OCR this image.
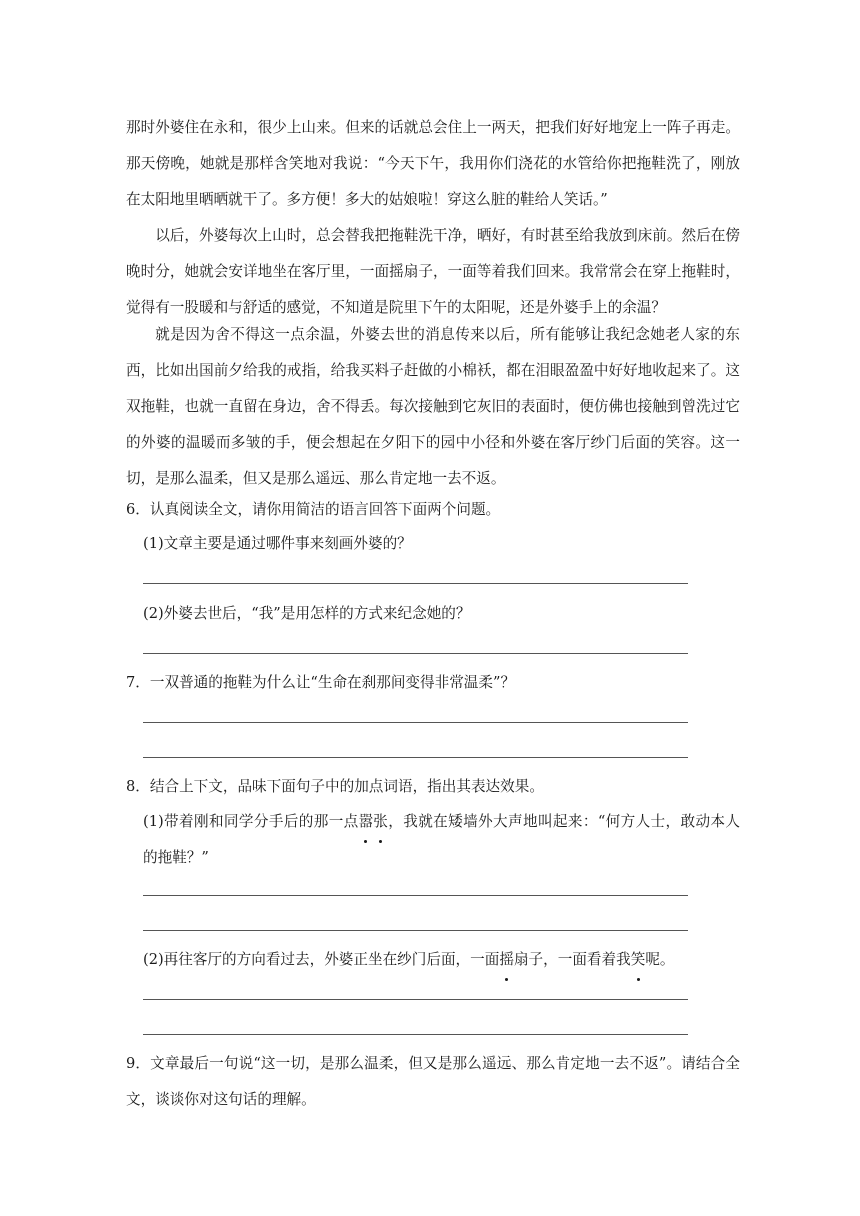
那时外婆住在永和，很少上山来。但来的话就总会住上一两天，把我们好好地宠上一阵子再走。那天傍晚，她就是那样含笑地对我说：“今天下午，我用你们浇花的水管给你把拖鞋洗了，刚放在太阳地里晒晒就干了。多方便！多大的姑娘啦！穿这么脏的鞋给人笑话。”

以后，外婆每次上山时，总会替我把拖鞋洗干净，晒好，有时甚至给我放到床前。然后在傍晚时分，她就会安详地坐在客厅里，一面摇扇子，一面等着我们回来。我常常会在穿上拖鞋时，觉得有一股暖和与舒适的感觉，不知道是院里下午的太阳呢，还是外婆手上的余温？

就是因为舍不得这一点余温，外婆去世的消息传来以后，所有能够让我纪念她老人家的东西，比如出国前夕给我的戒指，给我买料子赶做的小棉袄，都在泪眼盈盈中好好地收起来了。这双拖鞋，也就一直留在身边，舍不得丢。每次接触到它灰旧的表面时，便仿佛也接触到曾洗过它的外婆的温暖而多皱的手，便会想起在夕阳下的园中小径和外婆在客厅纱门后面的笑容。这一切，是那么温柔，但又是那么遥远、那么肯定地一去不返。

6．认真阅读全文，请你用简洁的语言回答下面两个问题。

(1)文章主要是通过哪件事来刻画外婆的？

(2)外婆去世后，“我”是用怎样的方式来纪念她的？

7．一双普通的拖鞋为什么让“生命在刹那间变得非常温柔”？

8．结合上下文，品味下面句子中的加点词语，指出其表达效果。

(1)带着刚和同学分手后的那一点嚣张，我就在矮墙外大声地叫起来：“何方人士，敢动本人的拖鞋？”

(2)再往客厅的方向看过去，外婆正坐在纱门后面，一面摇扇子，一面看着我笑呢。

9．文章最后一句说“这一切，是那么温柔，但又是那么遥远、那么肯定地一去不返”。请结合全文，谈谈你对这句话的理解。
